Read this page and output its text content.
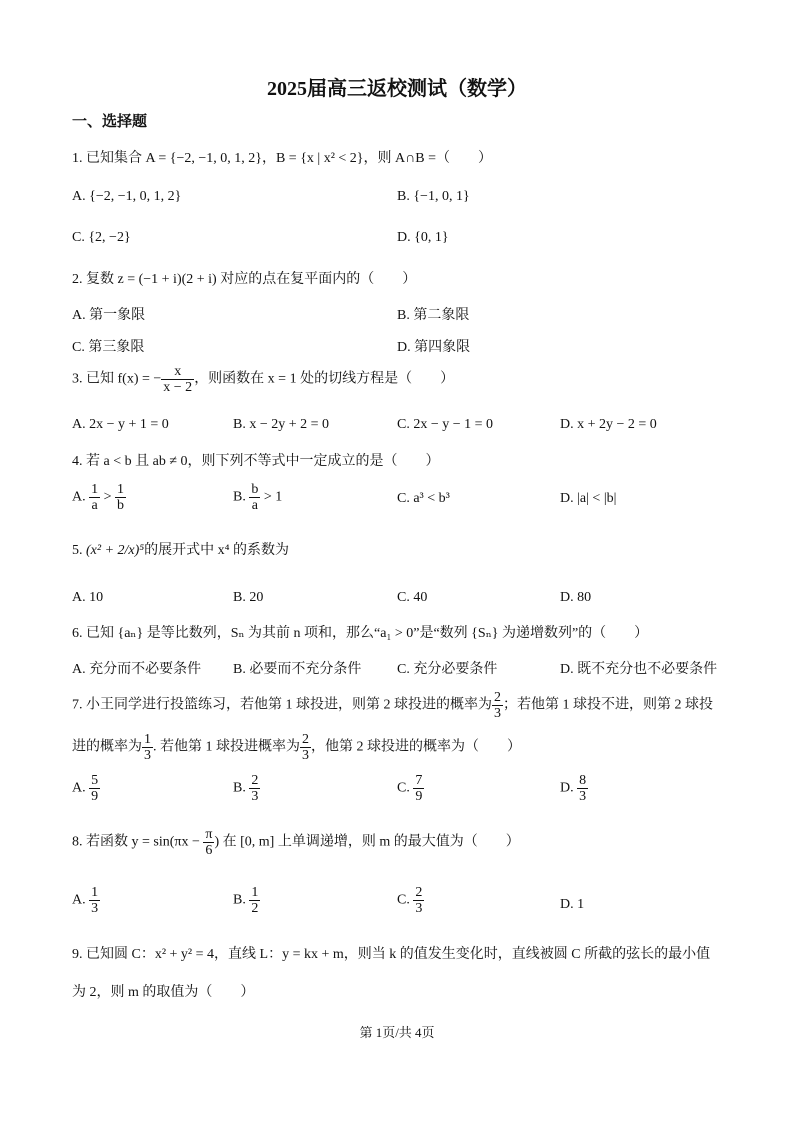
2025届高三返校测试（数学）
一、选择题
1. 已知集合 A = {−2, −1, 0, 1, 2}，B = {x | x² < 2}，则 A∩B =（　　）
A. {−2, −1, 0, 1, 2}	B. {−1, 0, 1}
C. {2, −2}	D. {0, 1}
2. 复数 z = (−1 + i)(2 + i) 对应的点在复平面内的（　　）
A. 第一象限	B. 第二象限
C. 第三象限	D. 第四象限
3. 已知 f(x) = − $\frac{x}{x - 2}$ ，则函数在 x = 1 处的切线方程是（　　）
A. 2x − y + 1 = 0	B. x − 2y + 2 = 0	C. 2x − y − 1 = 0	D. x + 2y − 2 = 0
4. 若 a < b 且 ab ≠ 0，则下列不等式中一定成立的是（　　）
A. $\frac{1}{a} > \frac{1}{b}$	B. $\frac{b}{a} > 1$	C. a³ < b³	D. |a| < |b|
5. (x² + 2/x)⁵的展开式中 x⁴ 的系数为
A. 10	B. 20	C. 40	D. 80
6. 已知 {aₙ} 是等比数列，Sₙ 为其前 n 项和，那么“a₁ > 0”是“数列 {Sₙ} 为递增数列”的（　　）
A. 充分而不必要条件 B. 必要而不充分条件	C. 充分必要条件	D. 既不充分也不必要条件
7. 小王同学进行投篮练习，若他第 1 球投进，则第 2 球投进的概率为 $\frac{2}{3}$ ；若他第 1 球投不进，则第 2 球投
进的概率为 $\frac{1}{3}$ . 若他第 1 球投进概率为 $\frac{2}{3}$ ，他第 2 球投进的概率为（　　）
A. $\frac{5}{9}$	B. $\frac{2}{3}$	C. $\frac{7}{9}$	D. $\frac{8}{3}$
8. 若函数 $y = \sin(\pi x - \frac{\pi}{6}$ ) 在 [0, m] 上单调递增，则 m 的最大值为（　　）
A. $\frac{1}{3}$	B. $\frac{1}{2}$	C. $\frac{2}{3}$	D. 1
9. 已知圆 C：x² + y² = 4，直线 L：y = kx + m，则当 k 的值发生变化时，直线被圆 C 所截的弦长的最小值
为 2，则 m 的取值为（　　）
第 1页/共 4页
